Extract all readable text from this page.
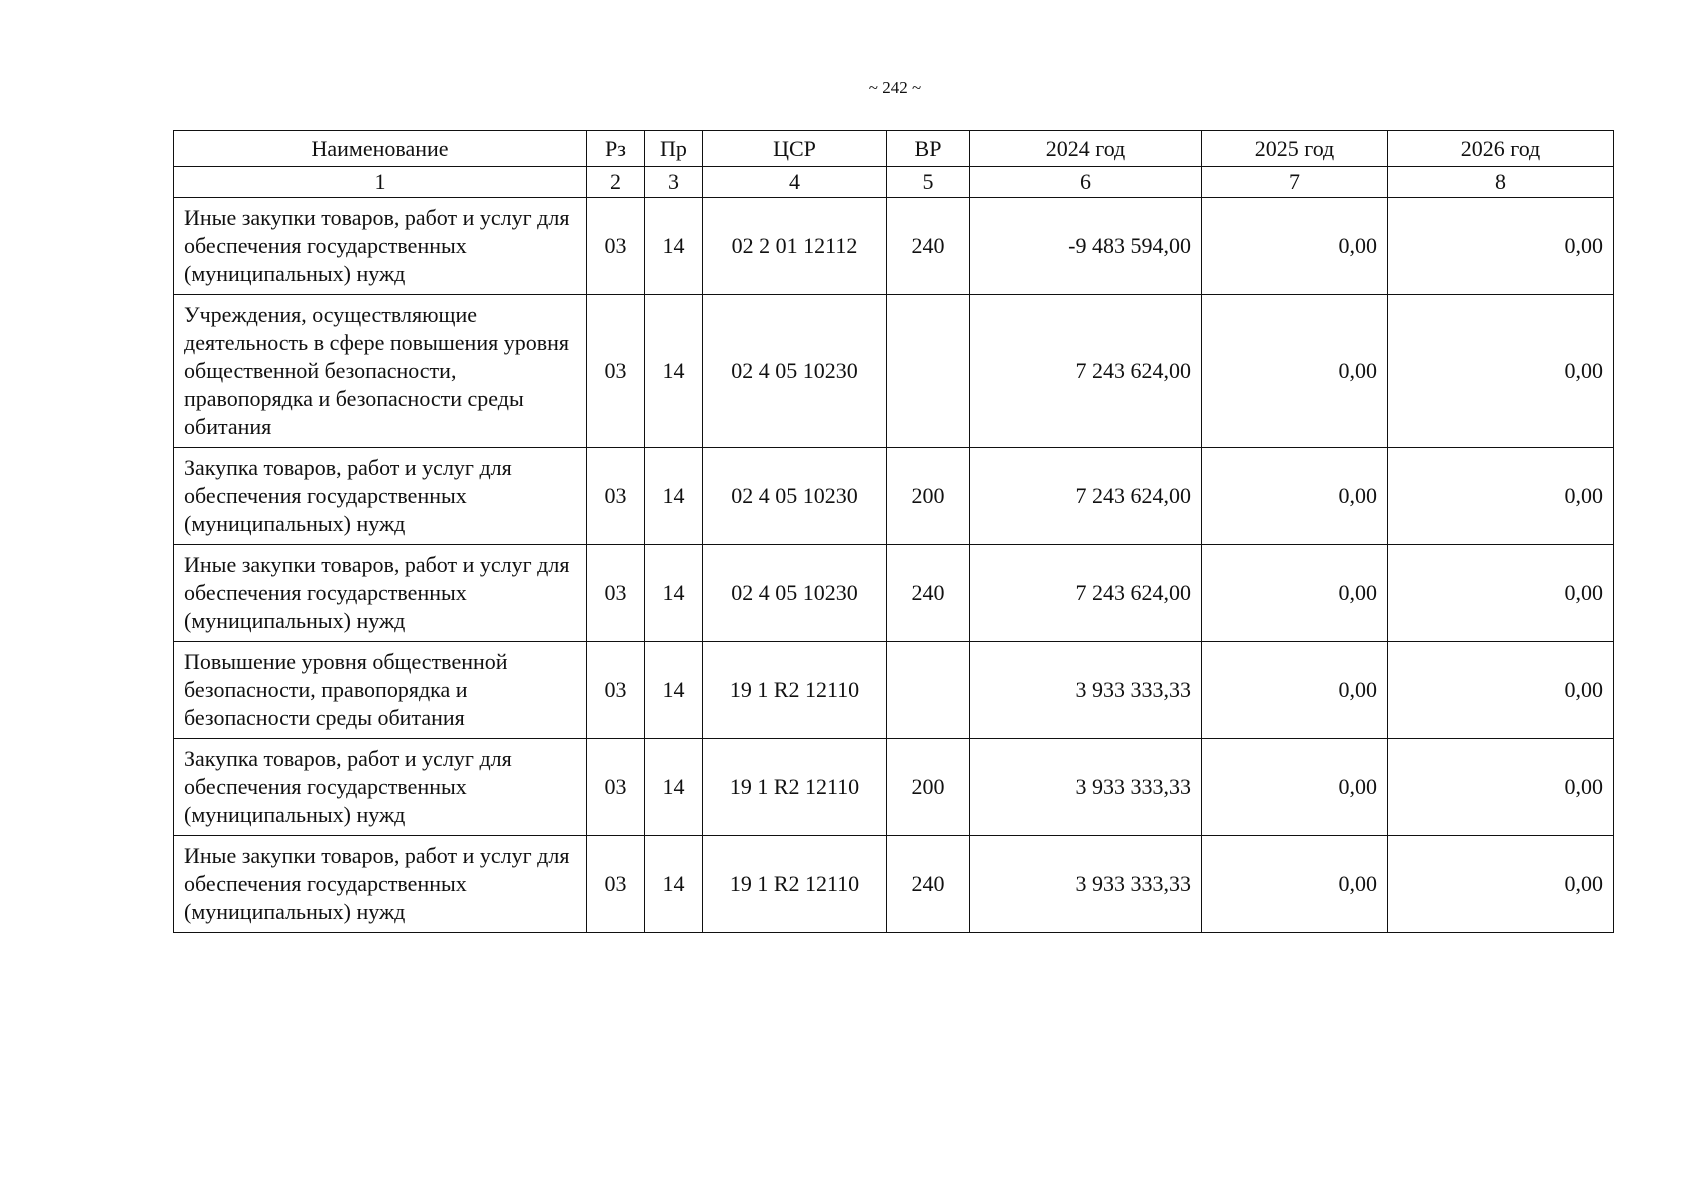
~ 242 ~
Наименование	Рз	Пр	ЦСР	ВР	2024 год	2025 год	2026 год
1	2	3	4	5	6	7	8
Иные закупки товаров, работ и услуг для обеспечения государственных (муниципальных) нужд	03	14	02 2 01 12112	240	-9 483 594,00	0,00	0,00
Учреждения, осуществляющие деятельность в сфере повышения уровня общественной безопасности, правопорядка и безопасности среды обитания	03	14	02 4 05 10230		7 243 624,00	0,00	0,00
Закупка товаров, работ и услуг для обеспечения государственных (муниципальных) нужд	03	14	02 4 05 10230	200	7 243 624,00	0,00	0,00
Иные закупки товаров, работ и услуг для обеспечения государственных (муниципальных) нужд	03	14	02 4 05 10230	240	7 243 624,00	0,00	0,00
Повышение уровня общественной безопасности, правопорядка и безопасности среды обитания	03	14	19 1 R2 12110		3 933 333,33	0,00	0,00
Закупка товаров, работ и услуг для обеспечения государственных (муниципальных) нужд	03	14	19 1 R2 12110	200	3 933 333,33	0,00	0,00
Иные закупки товаров, работ и услуг для обеспечения государственных (муниципальных) нужд	03	14	19 1 R2 12110	240	3 933 333,33	0,00	0,00
